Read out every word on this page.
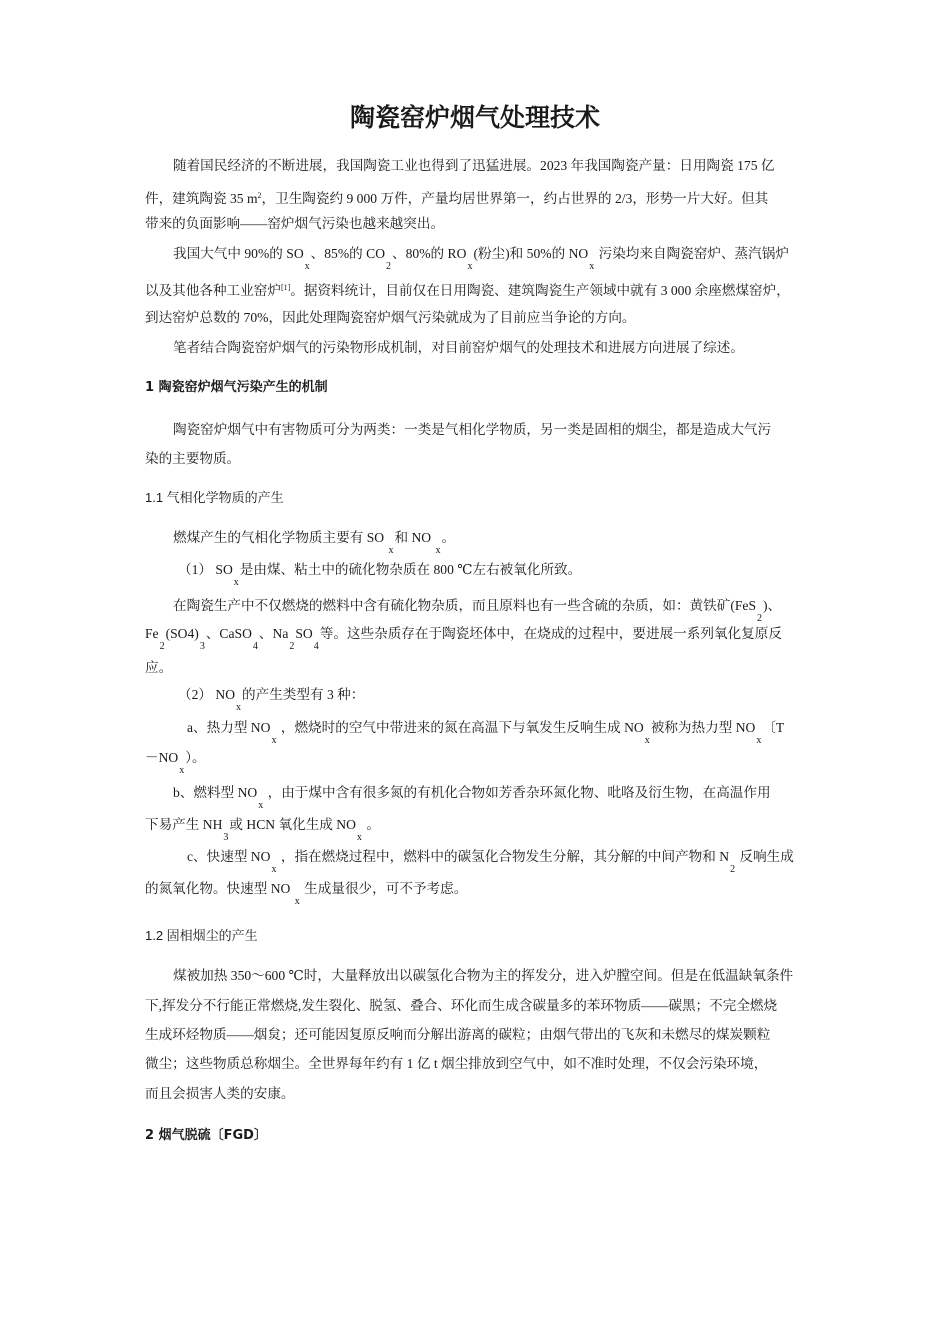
陶瓷窑炉烟气处理技术
随着国民经济的不断进展，我国陶瓷工业也得到了迅猛进展。2023 年我国陶瓷产量：日用陶瓷 175 亿
件，建筑陶瓷 35 $m^2$，卫生陶瓷约 9 000 万件，产量均居世界第一，约占世界的 2/3，形势一片大好。但其
带来的负面影响——窑炉烟气污染也越来越突出。
我国大气中 90%的 $SO_x$、85%的 $CO_2$、80%的 $RO_x$(粉尘)和 50%的 $NO_x$ 污染均来自陶瓷窑炉、蒸汽锅炉
以及其他各种工业窑炉[1]。据资料统计，目前仅在日用陶瓷、建筑陶瓷生产领域中就有 3 000 余座燃煤窑炉，
到达窑炉总数的 70%，因此处理陶瓷窑炉烟气污染就成为了目前应当争论的方向。
笔者结合陶瓷窑炉烟气的污染物形成机制，对目前窑炉烟气的处理技术和进展方向进展了综述。
1 陶瓷窑炉烟气污染产生的机制
陶瓷窑炉烟气中有害物质可分为两类：一类是气相化学物质，另一类是固相的烟尘，都是造成大气污
染的主要物质。
1.1 气相化学物质的产生
燃煤产生的气相化学物质主要有 SO $_x$和 NO $_x$。
（1） $SO_x$是由煤、粘土中的硫化物杂质在 800 ℃左右被氧化所致。
在陶瓷生产中不仅燃烧的燃料中含有硫化物杂质，而且原料也有一些含硫的杂质，如：黄铁矿(FeS$_2$)、
$Fe_2(SO4)_3$、CaSO$_4$、$Na_2SO_4$等。这些杂质存在于陶瓷坯体中，在烧成的过程中，要进展一系列氧化复原反
应。
（2） $NO_x$的产生类型有 3 种：
a、热力型 $NO_x$ ，燃烧时的空气中带进来的氮在高温下与氧发生反响生成 $NO_x$被称为热力型 $NO_x$〔T
$-NO_x$）。
b、燃料型 $NO_x$ ，由于煤中含有很多氮的有机化合物如芳香杂环氮化物、吡咯及衍生物，在高温作用
下易产生 $NH_3$或 HCN 氧化生成 $NO_x$ 。
c、快速型 $NO_x$ ，指在燃烧过程中，燃料中的碳氢化合物发生分解，其分解的中间产物和 $N_2$ 反响生成
的氮氧化物。快速型 NO $_x$ 生成量很少，可不予考虑。
1.2 固相烟尘的产生
煤被加热 350～600 ℃时，大量释放出以碳氢化合物为主的挥发分，进入炉膛空间。但是在低温缺氧条件
下,挥发分不行能正常燃烧,发生裂化、脱氢、叠合、环化而生成含碳量多的苯环物质——碳黑；不完全燃烧
生成环烃物质——烟炱；还可能因复原反响而分解出游离的碳粒；由烟气带出的飞灰和未燃尽的煤炭颗粒
微尘；这些物质总称烟尘。全世界每年约有 1 亿 t 烟尘排放到空气中，如不准时处理，不仅会污染环境，
而且会损害人类的安康。
2 烟气脱硫〔FGD〕
